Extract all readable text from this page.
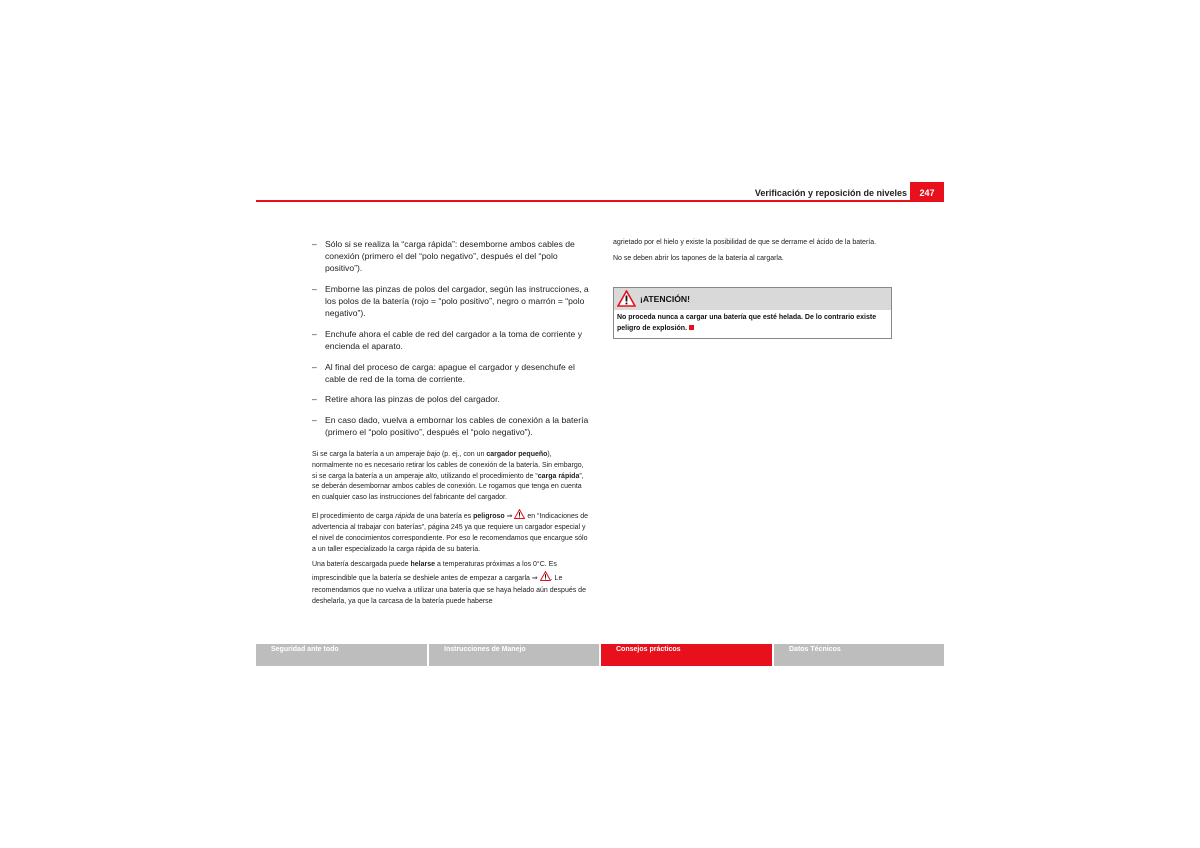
Verificación y reposición de niveles	247
– Sólo si se realiza la “carga rápida”: desemborne ambos cables de conexión (primero el del “polo negativo”, después el del “polo positivo”).
– Emborne las pinzas de polos del cargador, según las instrucciones, a los polos de la batería (rojo = “polo positivo”, negro o marrón = “polo negativo”).
– Enchufe ahora el cable de red del cargador a la toma de corriente y encienda el aparato.
– Al final del proceso de carga: apague el cargador y desenchufe el cable de red de la toma de corriente.
– Retire ahora las pinzas de polos del cargador.
– En caso dado, vuelva a embornar los cables de conexión a la batería (primero el “polo positivo”, después el “polo negativo”).

Si se carga la batería a un amperaje bajo (p. ej., con un cargador pequeño), normalmente no es necesario retirar los cables de conexión de la batería. Sin embargo, si se carga la batería a un amperaje alto, utilizando el procedimiento de “carga rápida”, se deberán desembornar ambos cables de conexión. Le rogamos que tenga en cuenta en cualquier caso las instrucciones del fabricante del cargador.

El procedimiento de carga rápida de una batería es peligroso ⇒  en “Indicaciones de advertencia al trabajar con baterías”, página 245 ya que requiere un cargador especial y el nivel de conocimientos correspondiente. Por eso le recomendamos que encargue sólo a un taller especializado la carga rápida de su batería.

Una batería descargada puede helarse a temperaturas próximas a los 0°C. Es imprescindible que la batería se deshiele antes de empezar a cargarla ⇒ . Le recomendamos que no vuelva a utilizar una batería que se haya helado aún después de deshelarla, ya que la carcasa de la batería puede haberse

agrietado por el hielo y existe la posibilidad de que se derrame el ácido de la batería.

No se deben abrir los tapones de la batería al cargarla.

¡ATENCIÓN!
No proceda nunca a cargar una batería que esté helada. De lo contrario existe peligro de explosión.
Seguridad ante todo	Instrucciones de Manejo	Consejos prácticos	Datos Técnicos
